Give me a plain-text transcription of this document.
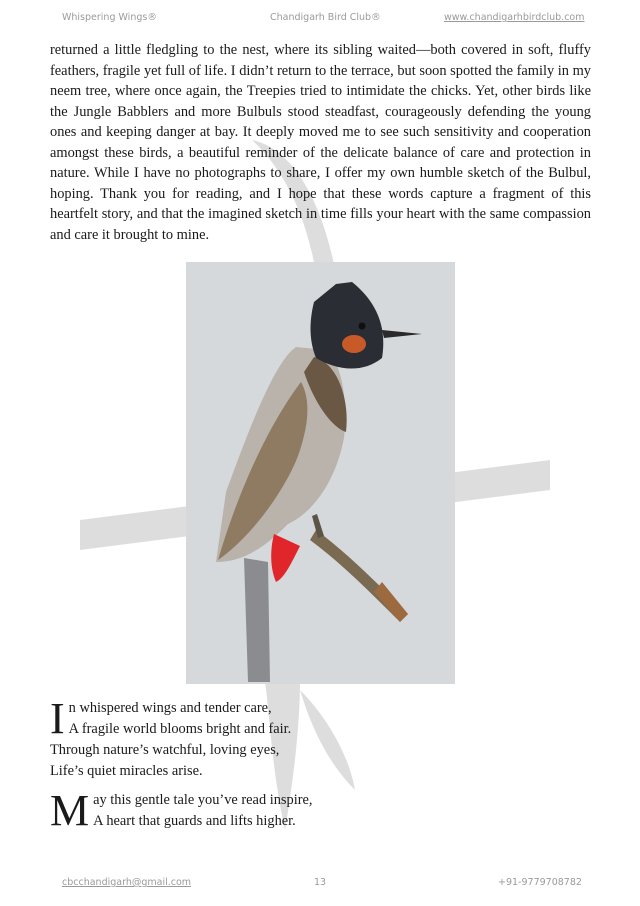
Whispering Wings®	Chandigarh Bird Club®	www.chandigarhbirdclub.com

returned a little fledgling to the nest, where its sibling waited—both covered in soft, fluffy feathers, fragile yet full of life. I didn’t return to the terrace, but soon spotted the family in my neem tree, where once again, the Treepies tried to intimidate the chicks. Yet, other birds like the Jungle Babblers and more Bulbuls stood steadfast, courageously defending the young ones and keeping danger at bay. It deeply moved me to see such sensitivity and cooperation amongst these birds, a beautiful reminder of the delicate balance of care and protection in nature. While I have no photographs to share, I offer my own humble sketch of the Bulbul, hoping. Thank you for reading, and I hope that these words capture a fragment of this heartfelt story, and that the imagined sketch in time fills your heart with the same compassion and care it brought to mine.

I n whispered wings and tender care,
A fragile world blooms bright and fair.
Through nature’s watchful, loving eyes,
Life’s quiet miracles arise.
M ay this gentle tale you’ve read inspire,
A heart that guards and lifts higher.
cbcchandigarh@gmail.com	13	+91-9779708782
